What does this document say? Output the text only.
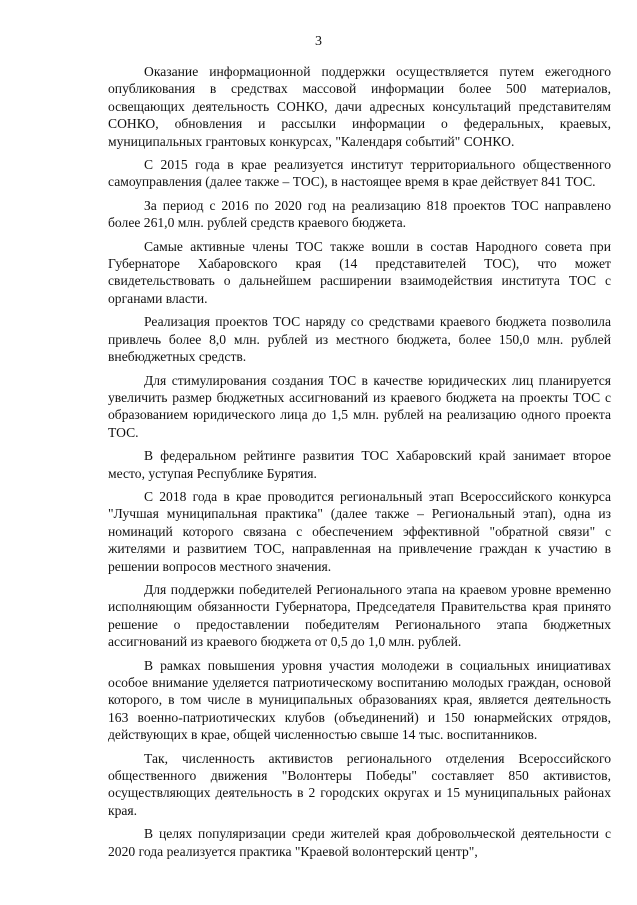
3

Оказание информационной поддержки осуществляется путем ежегодного опубликования в средствах массовой информации более 500 материалов, освещающих деятельность СОНКО, дачи адресных консультаций представителям СОНКО, обновления и рассылки информации о федеральных, краевых, муниципальных грантовых конкурсах, "Календаря событий" СОНКО.

С 2015 года в крае реализуется институт территориального общественного самоуправления (далее также – ТОС), в настоящее время в крае действует 841 ТОС.

За период с 2016 по 2020 год на реализацию 818 проектов ТОС направлено более 261,0 млн. рублей средств краевого бюджета.

Самые активные члены ТОС также вошли в состав Народного совета при Губернаторе Хабаровского края (14 представителей ТОС), что может свидетельствовать о дальнейшем расширении взаимодействия института ТОС с органами власти.

Реализация проектов ТОС наряду со средствами краевого бюджета позволила привлечь более 8,0 млн. рублей из местного бюджета, более 150,0 млн. рублей внебюджетных средств.

Для стимулирования создания ТОС в качестве юридических лиц планируется увеличить размер бюджетных ассигнований из краевого бюджета на проекты ТОС с образованием юридического лица до 1,5 млн. рублей на реализацию одного проекта ТОС.

В федеральном рейтинге развития ТОС Хабаровский край занимает второе место, уступая Республике Бурятия.

С 2018 года в крае проводится региональный этап Всероссийского конкурса "Лучшая муниципальная практика" (далее также – Региональный этап), одна из номинаций которого связана с обеспечением эффективной "обратной связи" с жителями и развитием ТОС, направленная на привлечение граждан к участию в решении вопросов местного значения.

Для поддержки победителей Регионального этапа на краевом уровне временно исполняющим обязанности Губернатора, Председателя Правительства края принято решение о предоставлении победителям Регионального этапа бюджетных ассигнований из краевого бюджета от 0,5 до 1,0 млн. рублей.

В рамках повышения уровня участия молодежи в социальных инициативах особое внимание уделяется патриотическому воспитанию молодых граждан, основой которого, в том числе в муниципальных образованиях края, является деятельность 163 военно-патриотических клубов (объединений) и 150 юнармейских отрядов, действующих в крае, общей численностью свыше 14 тыс. воспитанников.

Так, численность активистов регионального отделения Всероссийского общественного движения "Волонтеры Победы" составляет 850 активистов, осуществляющих деятельность в 2 городских округах и 15 муниципальных районах края.

В целях популяризации среди жителей края добровольческой деятельности с 2020 года реализуется практика "Краевой волонтерский центр",
